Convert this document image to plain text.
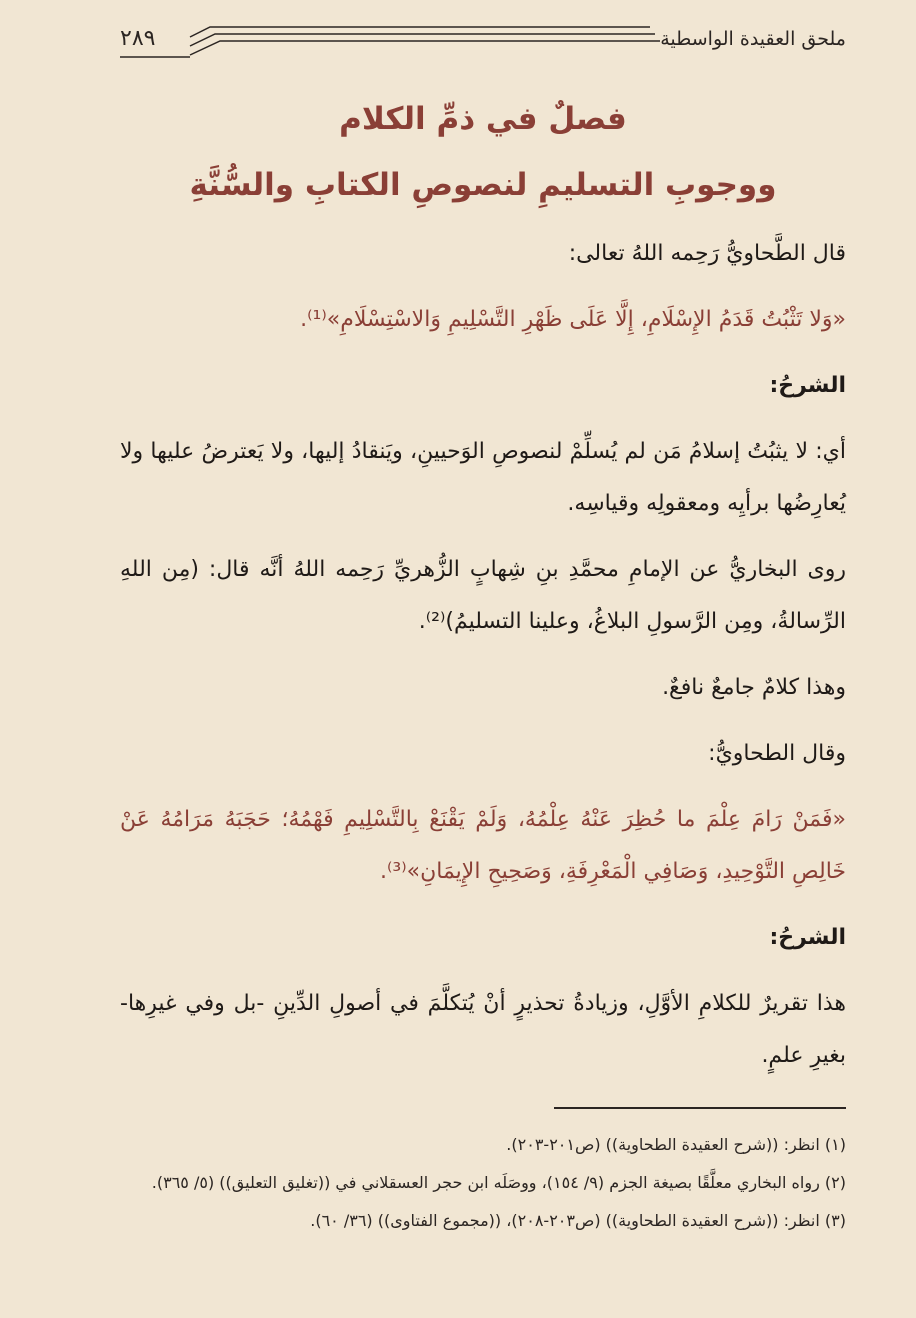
ملحق العقيدة الواسطية
٢٨٩

فصلٌ في ذمِّ الكلام

ووجوبِ التسليمِ لنصوصِ الكتابِ والسُّنَّةِ

قال الطَّحاويُّ رَحِمه اللهُ تعالى:

«وَلا تَثْبُتُ قَدَمُ الإِسْلَامِ، إِلَّا عَلَى ظَهْرِ التَّسْلِيمِ وَالاسْتِسْلَامِ»⁽¹⁾.

الشرحُ:

أي: لا يثبُتُ إسلامُ مَن لم يُسلِّمْ لنصوصِ الوَحيينِ، ويَنقادُ إليها، ولا يَعترضُ عليها ولا يُعارِضُها برأيِه ومعقولِه وقياسِه.

روى البخاريُّ عن الإمامِ محمَّدِ بنِ شِهابٍ الزُّهريِّ رَحِمه اللهُ أنَّه قال: (مِن اللهِ الرِّسالةُ، ومِن الرَّسولِ البلاغُ، وعلينا التسليمُ)⁽²⁾.

وهذا كلامٌ جامعٌ نافعٌ.

وقال الطحاويُّ:

«فَمَنْ رَامَ عِلْمَ ما حُظِرَ عَنْهُ عِلْمُهُ، وَلَمْ يَقْنَعْ بِالتَّسْلِيمِ فَهْمُهُ؛ حَجَبَهُ مَرَامُهُ عَنْ خَالِصِ التَّوْحِيدِ، وَصَافِي الْمَعْرِفَةِ، وَصَحِيحِ الإِيمَانِ»⁽³⁾.

الشرحُ:

هذا تقريرٌ للكلامِ الأوَّلِ، وزيادةُ تحذيرٍ أنْ يُتكلَّمَ في أصولِ الدِّينِ -بل وفي غيرِها- بغيرِ علمٍ.

(١) انظر: ((شرح العقيدة الطحاوية)) (ص٢٠١-٢٠٣).

(٢) رواه البخاري معلَّقًا بصيغة الجزم (٩/ ١٥٤)، ووصَلَه ابن حجر العسقلاني في ((تغليق التعليق)) (٥/ ٣٦٥).

(٣) انظر: ((شرح العقيدة الطحاوية)) (ص٢٠٣-٢٠٨)، ((مجموع الفتاوى)) (٣٦/ ٦٠).
